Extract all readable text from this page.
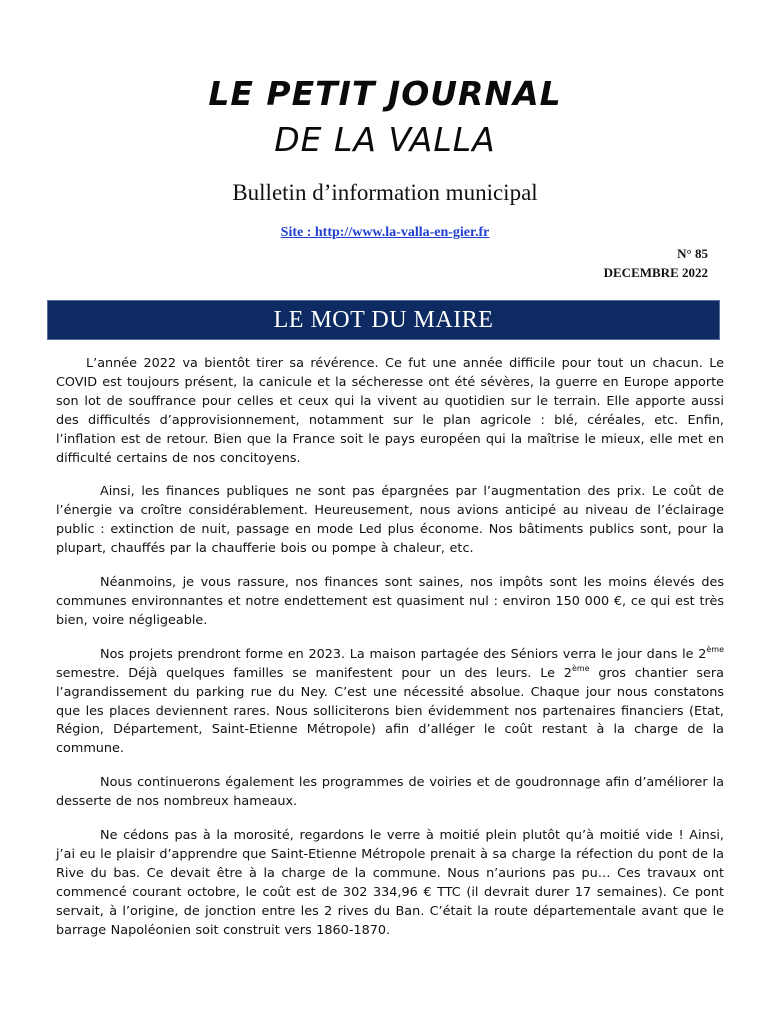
LE PETIT JOURNAL
DE LA VALLA
Bulletin d’information municipal
Site : http://www.la-valla-en-gier.fr
N° 85
DECEMBRE 2022
LE MOT DU MAIRE

L’année 2022 va bientôt tirer sa révérence. Ce fut une année difficile pour tout un chacun. Le COVID est toujours présent, la canicule et la sécheresse ont été sévères, la guerre en Europe apporte son lot de souffrance pour celles et ceux qui la vivent au quotidien sur le terrain. Elle apporte aussi des difficultés d’approvisionnement, notamment sur le plan agricole : blé, céréales, etc. Enfin, l’inflation est de retour. Bien que la France soit le pays européen qui la maîtrise le mieux, elle met en difficulté certains de nos concitoyens.

Ainsi, les finances publiques ne sont pas épargnées par l’augmentation des prix. Le coût de l’énergie va croître considérablement. Heureusement, nous avions anticipé au niveau de l’éclairage public : extinction de nuit, passage en mode Led plus économe. Nos bâtiments publics sont, pour la plupart, chauffés par la chaufferie bois ou pompe à chaleur, etc.

Néanmoins, je vous rassure, nos finances sont saines, nos impôts sont les moins élevés des communes environnantes et notre endettement est quasiment nul : environ 150 000 €, ce qui est très bien, voire négligeable.

Nos projets prendront forme en 2023. La maison partagée des Séniors verra le jour dans le 2ème semestre. Déjà quelques familles se manifestent pour un des leurs. Le 2ème gros chantier sera l’agrandissement du parking rue du Ney. C’est une nécessité absolue. Chaque jour nous constatons que les places deviennent rares. Nous solliciterons bien évidemment nos partenaires financiers (Etat, Région, Département, Saint-Etienne Métropole) afin d’alléger le coût restant à la charge de la commune.

Nous continuerons également les programmes de voiries et de goudronnage afin d’améliorer la desserte de nos nombreux hameaux.

Ne cédons pas à la morosité, regardons le verre à moitié plein plutôt qu’à moitié vide ! Ainsi, j’ai eu le plaisir d’apprendre que Saint-Etienne Métropole prenait à sa charge la réfection du pont de la Rive du bas. Ce devait être à la charge de la commune. Nous n’aurions pas pu… Ces travaux ont commencé courant octobre, le coût est de 302 334,96 € TTC (il devrait durer 17 semaines). Ce pont servait, à l’origine, de jonction entre les 2 rives du Ban. C’était la route départementale avant que le barrage Napoléonien soit construit vers 1860-1870.
